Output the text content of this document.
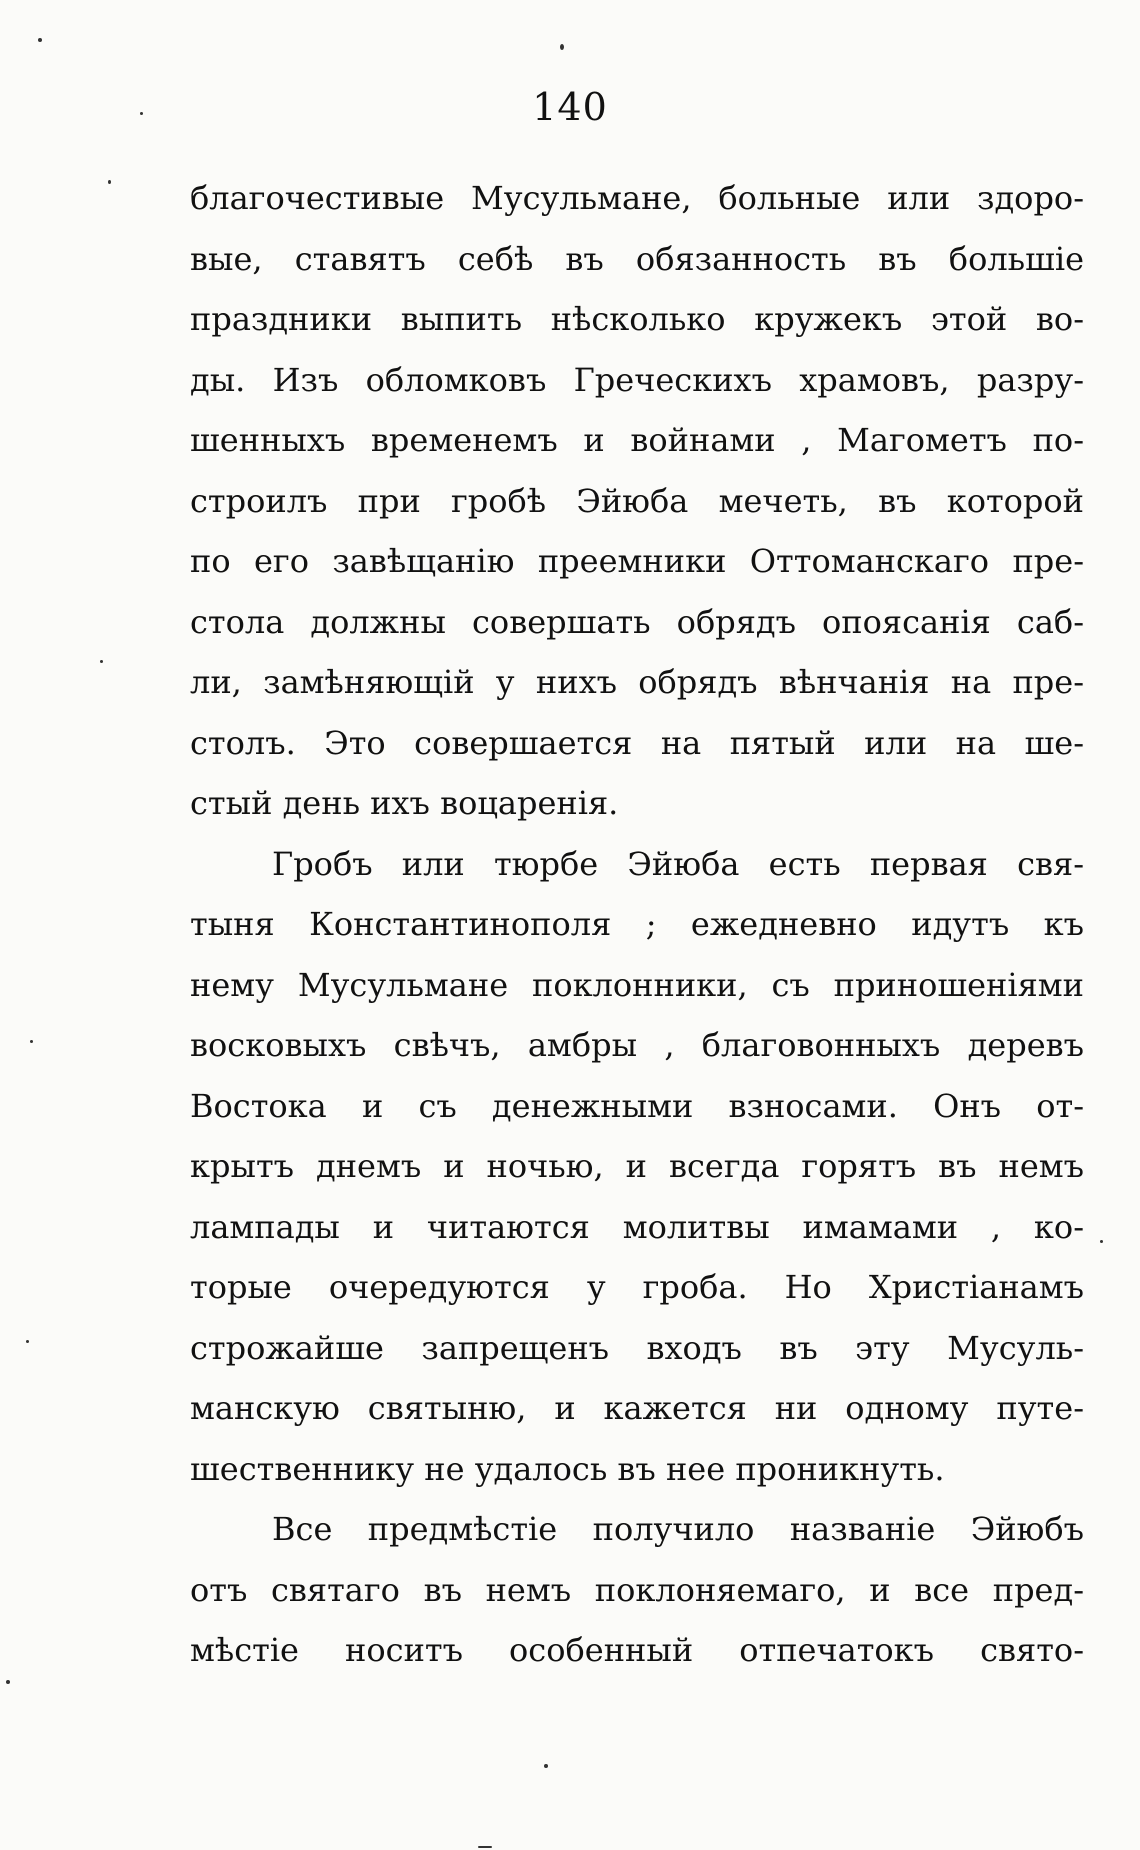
140
благочестивые Мусульмане, больные или здоро-
вые, ставятъ себѣ въ обязанность въ большіе
праздники выпить нѣсколько кружекъ этой во-
ды. Изъ обломковъ Греческихъ храмовъ, разру-
шенныхъ временемъ и войнами , Магометъ по-
строилъ при гробѣ Эйюба мечеть, въ которой
по его завѣщанію преемники Оттоманскаго пре-
стола должны совершать обрядъ опоясанія саб-
ли, замѣняющій у нихъ обрядъ вѣнчанія на пре-
столъ. Это совершается на пятый или на ше-
стый день ихъ воцаренія.
Гробъ или тюрбе Эйюба есть первая свя-
тыня Константинополя ; ежедневно идутъ къ
нему Мусульмане поклонники, съ приношеніями
восковыхъ свѣчъ, амбры , благовонныхъ деревъ
Востока и съ денежными взносами. Онъ от-
крытъ днемъ и ночью, и всегда горятъ въ немъ
лампады и читаются молитвы имамами , ко-
торые очередуются у гроба. Но Христіанамъ
строжайше запрещенъ входъ въ эту Мусуль-
манскую святыню, и кажется ни одному путе-
шественнику не удалось въ нее проникнуть.
Все предмѣстіе получило названіе Эйюбъ
отъ святаго въ немъ поклоняемаго, и все пред-
мѣстіе носитъ особенный отпечатокъ свято-
